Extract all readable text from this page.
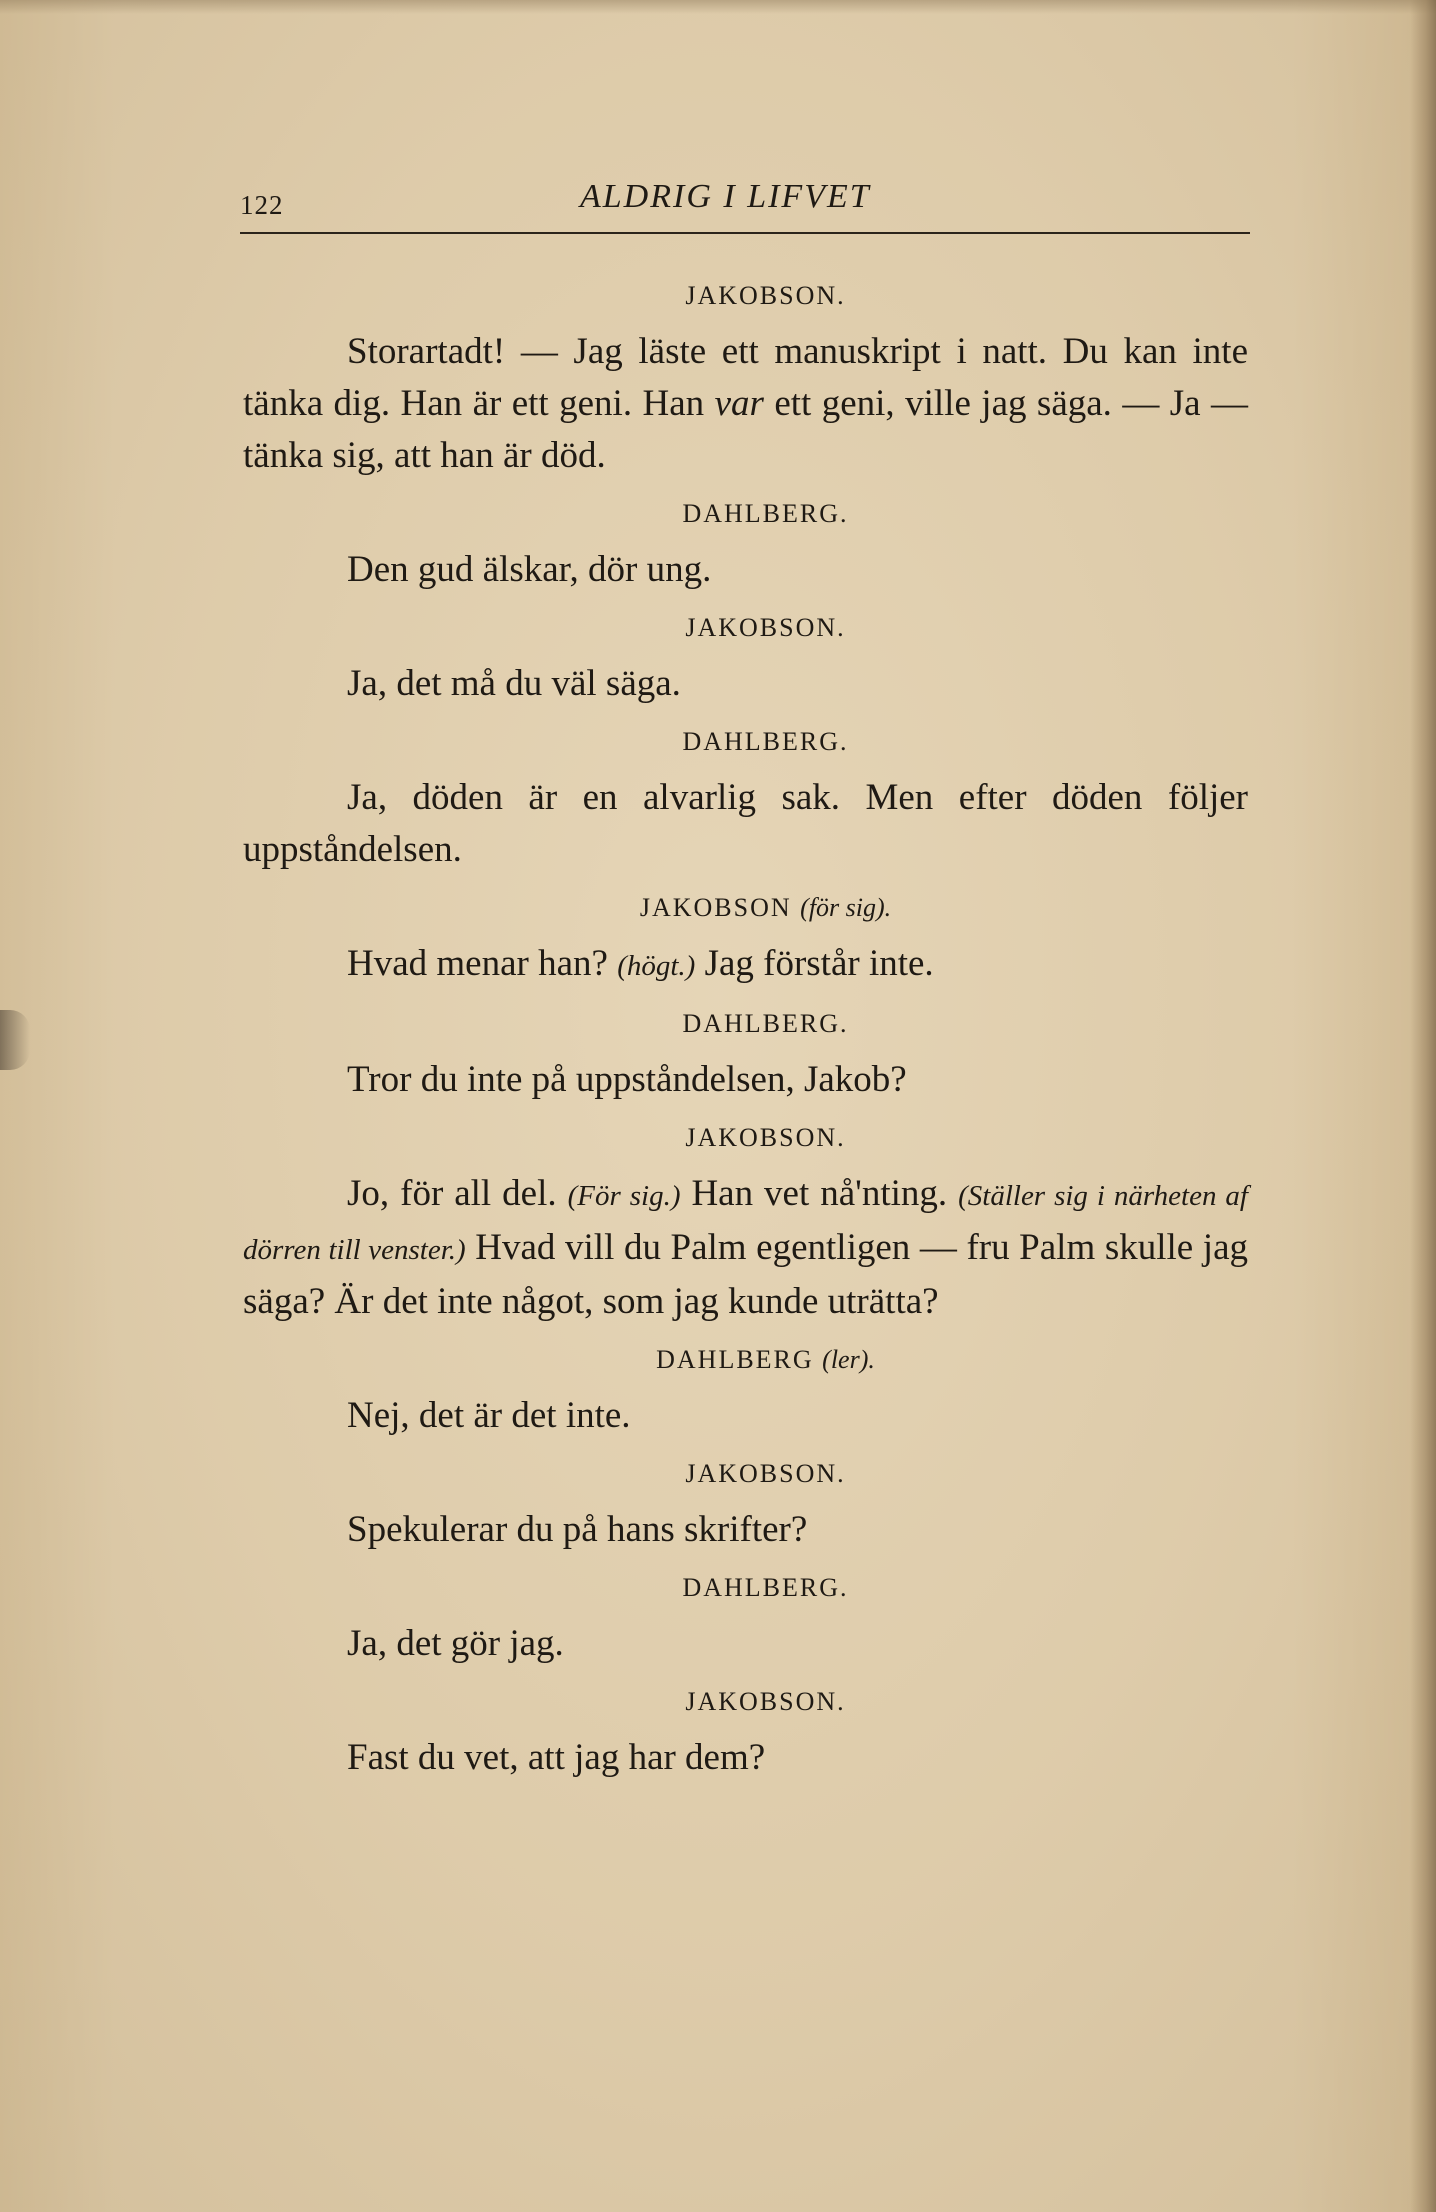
122	ALDRIG I LIFVET

JAKOBSON.

Storartadt! — Jag läste ett manuskript i natt. Du kan inte tänka dig. Han är ett geni. Han var ett geni, ville jag säga. — Ja — tänka sig, att han är död.

DAHLBERG.

Den gud älskar, dör ung.

JAKOBSON.

Ja, det må du väl säga.

DAHLBERG.

Ja, döden är en alvarlig sak. Men efter döden följer uppståndelsen.

JAKOBSON (för sig).

Hvad menar han? (högt.) Jag förstår inte.

DAHLBERG.

Tror du inte på uppståndelsen, Jakob?

JAKOBSON.

Jo, för all del. (För sig.) Han vet nå'nting. (Ställer sig i närheten af dörren till venster.) Hvad vill du Palm egentligen — fru Palm skulle jag säga? Är det inte något, som jag kunde uträtta?

DAHLBERG (ler).

Nej, det är det inte.

JAKOBSON.

Spekulerar du på hans skrifter?

DAHLBERG.

Ja, det gör jag.

JAKOBSON.

Fast du vet, att jag har dem?
